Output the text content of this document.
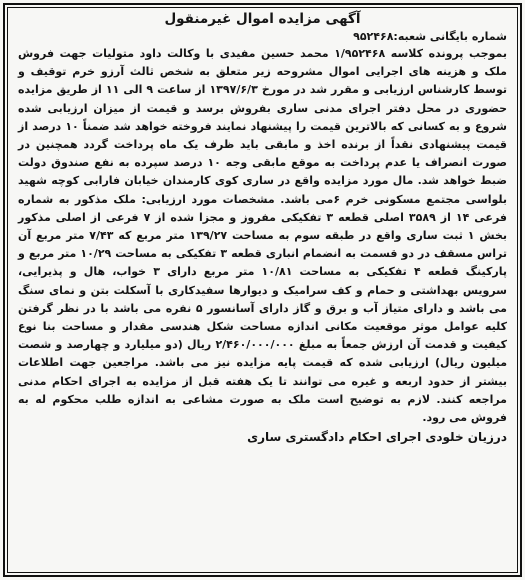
آگهی مزایده اموال غیرمنقول

شماره بایگانی شعبه:۹۵۲۴۶۸

بموجب پرونده کلاسه ۱/۹۵۲۴۶۸ محمد حسین مفیدی با وکالت داود متولیات جهت فروش ملک و هزینه های اجرایی اموال مشروحه زیر متعلق به شخص ثالث آرزو خرم توقیف و توسط کارشناس ارزیابی و مقرر شد در مورخ ۱۳۹۷/۶/۳ از ساعت ۹ الی ۱۱ از طریق مزایده حضوری در محل دفتر اجرای مدنی ساری بفروش برسد و قیمت از میزان ارزیابی شده شروع و به کسانی که بالاترین قیمت را پیشنهاد نمایند فروخته خواهد شد ضمناً ۱۰ درصد از قیمت پیشنهادی نقداً از برنده اخذ و مابقی باید ظرف یک ماه پرداخت گردد همچنین در صورت انصراف یا عدم پرداخت به موقع مابقی وجه ۱۰ درصد سپرده به نفع صندوق دولت ضبط خواهد شد. مال مورد مزایده واقع در ساری کوی کارمندان خیابان فارابی کوچه شهید بلواسی مجتمع مسکونی خرم ۶می باشد. مشخصات مورد ارزیابی: ملک مذکور به شماره فرعی ۱۴ از ۳۵۸۹ اصلی قطعه ۳ تفکیکی مفروز و مجزا شده از ۷ فرعی از اصلی مذکور بخش ۱ ثبت ساری واقع در طبقه سوم به مساحت ۱۳۹/۲۷ متر مربع که ۷/۴۳ متر مربع آن تراس مسقف در دو قسمت به انضمام انباری قطعه ۳ تفکیکی به مساحت ۱۰/۲۹ متر مربع و پارکینگ قطعه ۴ تفکیکی به مساحت ۱۰/۸۱ متر مربع دارای ۳ خواب، هال و پذیرایی، سرویس بهداشتی و حمام و کف سرامیک و دیوارها سفیدکاری با آسکلت بتن و نمای سنگ می باشد و دارای متیاز آب و برق و گاز دارای آسانسور ۵ نفره می باشد با در نظر گرفتن کلیه عوامل موثر موقعیت مکانی اندازه مساحت شکل هندسی مقدار و مساحت بنا نوع کیفیت و قدمت آن ارزش جمعاً به مبلغ ۲/۴۶۰/۰۰۰/۰۰۰ ریال (دو میلیارد و چهارصد و شصت میلیون ریال) ارزیابی شده که قیمت پایه مزایده نیز می باشد. مراجعین جهت اطلاعات بیشتر از حدود اربعه و غیره می توانند تا یک هفته قبل از مزایده به اجرای احکام مدنی مراجعه کنند. لازم به توضیح است ملک به صورت مشاعی به اندازه طلب محکوم له به فروش می رود.

درزیان خلودی اجرای احکام دادگستری ساری
